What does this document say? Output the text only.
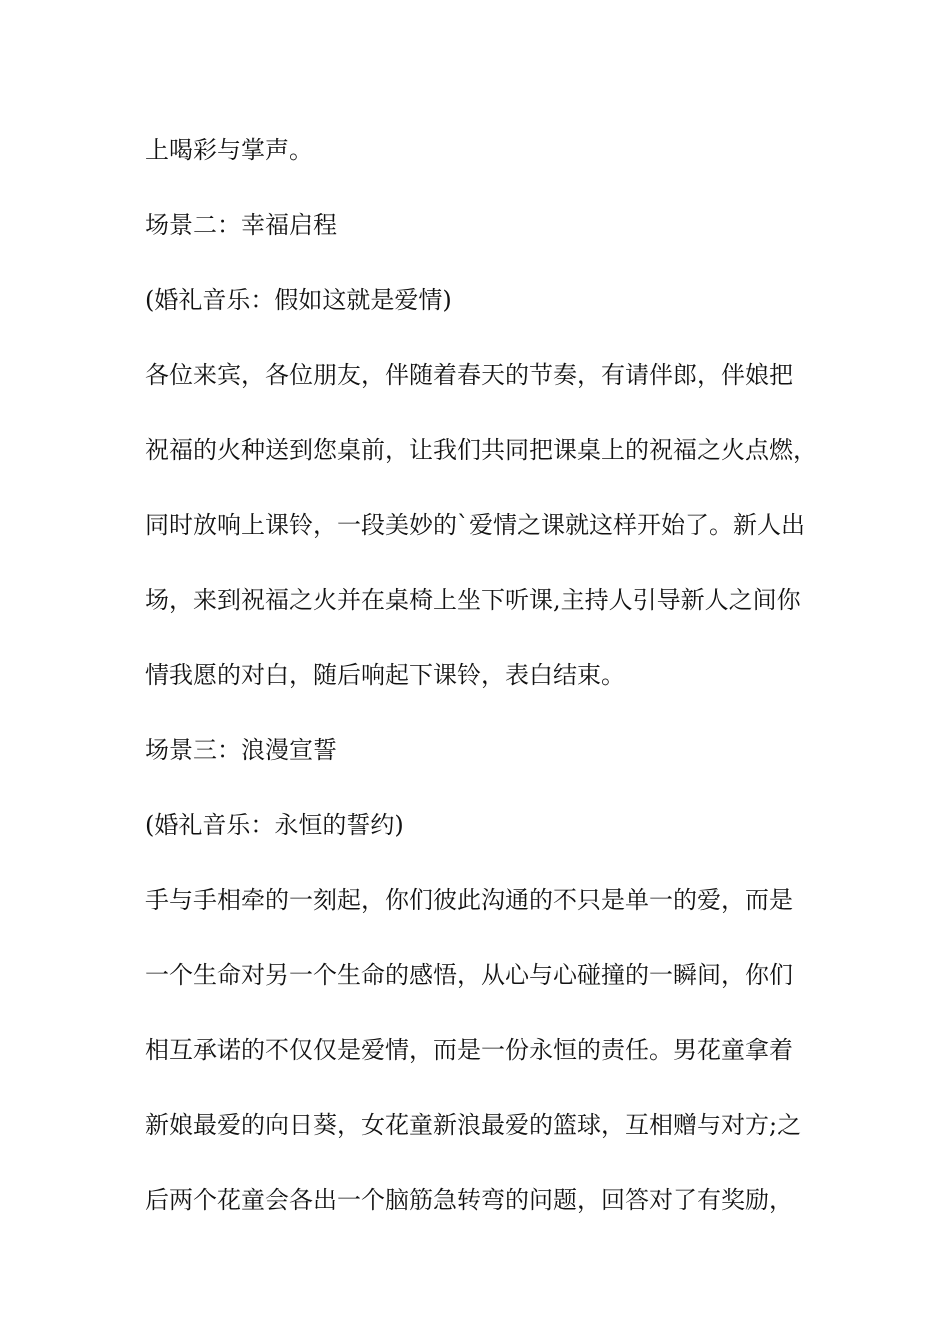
上喝彩与掌声。

场景二：幸福启程

(婚礼音乐：假如这就是爱情)

各位来宾，各位朋友，伴随着春天的节奏，有请伴郎，伴娘把

祝福的火种送到您桌前，让我们共同把课桌上的祝福之火点燃，

同时放响上课铃，一段美妙的`爱情之课就这样开始了。新人出

场，来到祝福之火并在桌椅上坐下听课,主持人引导新人之间你

情我愿的对白，随后响起下课铃，表白结束。

场景三：浪漫宣誓

(婚礼音乐：永恒的誓约)

手与手相牵的一刻起，你们彼此沟通的不只是单一的爱，而是

一个生命对另一个生命的感悟，从心与心碰撞的一瞬间，你们

相互承诺的不仅仅是爱情，而是一份永恒的责任。男花童拿着

新娘最爱的向日葵，女花童新浪最爱的篮球，互相赠与对方;之

后两个花童会各出一个脑筋急转弯的问题，回答对了有奖励，
